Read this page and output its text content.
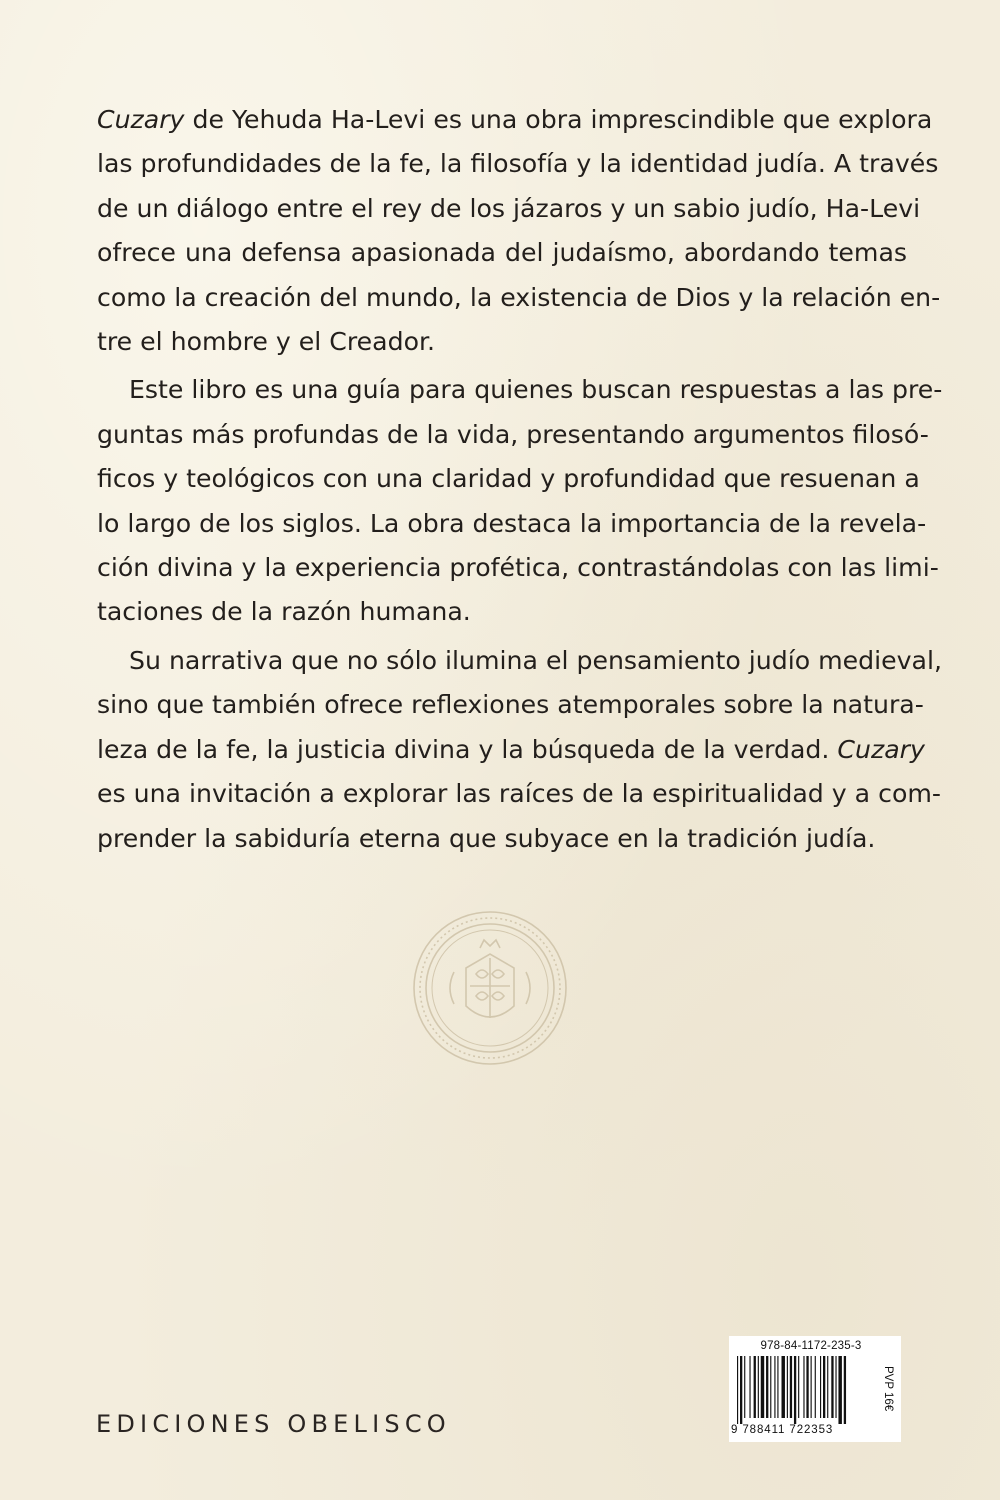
Cuzary de Yehuda Ha-Levi es una obra imprescindible que explora
las profundidades de la fe, la filosofía y la identidad judía. A través
de un diálogo entre el rey de los jázaros y un sabio judío, Ha-Levi
ofrece una defensa apasionada del judaísmo, abordando temas
como la creación del mundo, la existencia de Dios y la relación en-
tre el hombre y el Creador.
Este libro es una guía para quienes buscan respuestas a las pre-
guntas más profundas de la vida, presentando argumentos filosó-
ficos y teológicos con una claridad y profundidad que resuenan a
lo largo de los siglos. La obra destaca la importancia de la revela-
ción divina y la experiencia profética, contrastándolas con las limi-
taciones de la razón humana.
Su narrativa que no sólo ilumina el pensamiento judío medieval,
sino que también ofrece reflexiones atemporales sobre la natura-
leza de la fe, la justicia divina y la búsqueda de la verdad. Cuzary
es una invitación a explorar las raíces de la espiritualidad y a com-
prender la sabiduría eterna que subyace en la tradición judía.
EDICIONES OBELISCO
978-84-1172-235-3
9 788411 722353
PVP 16€
